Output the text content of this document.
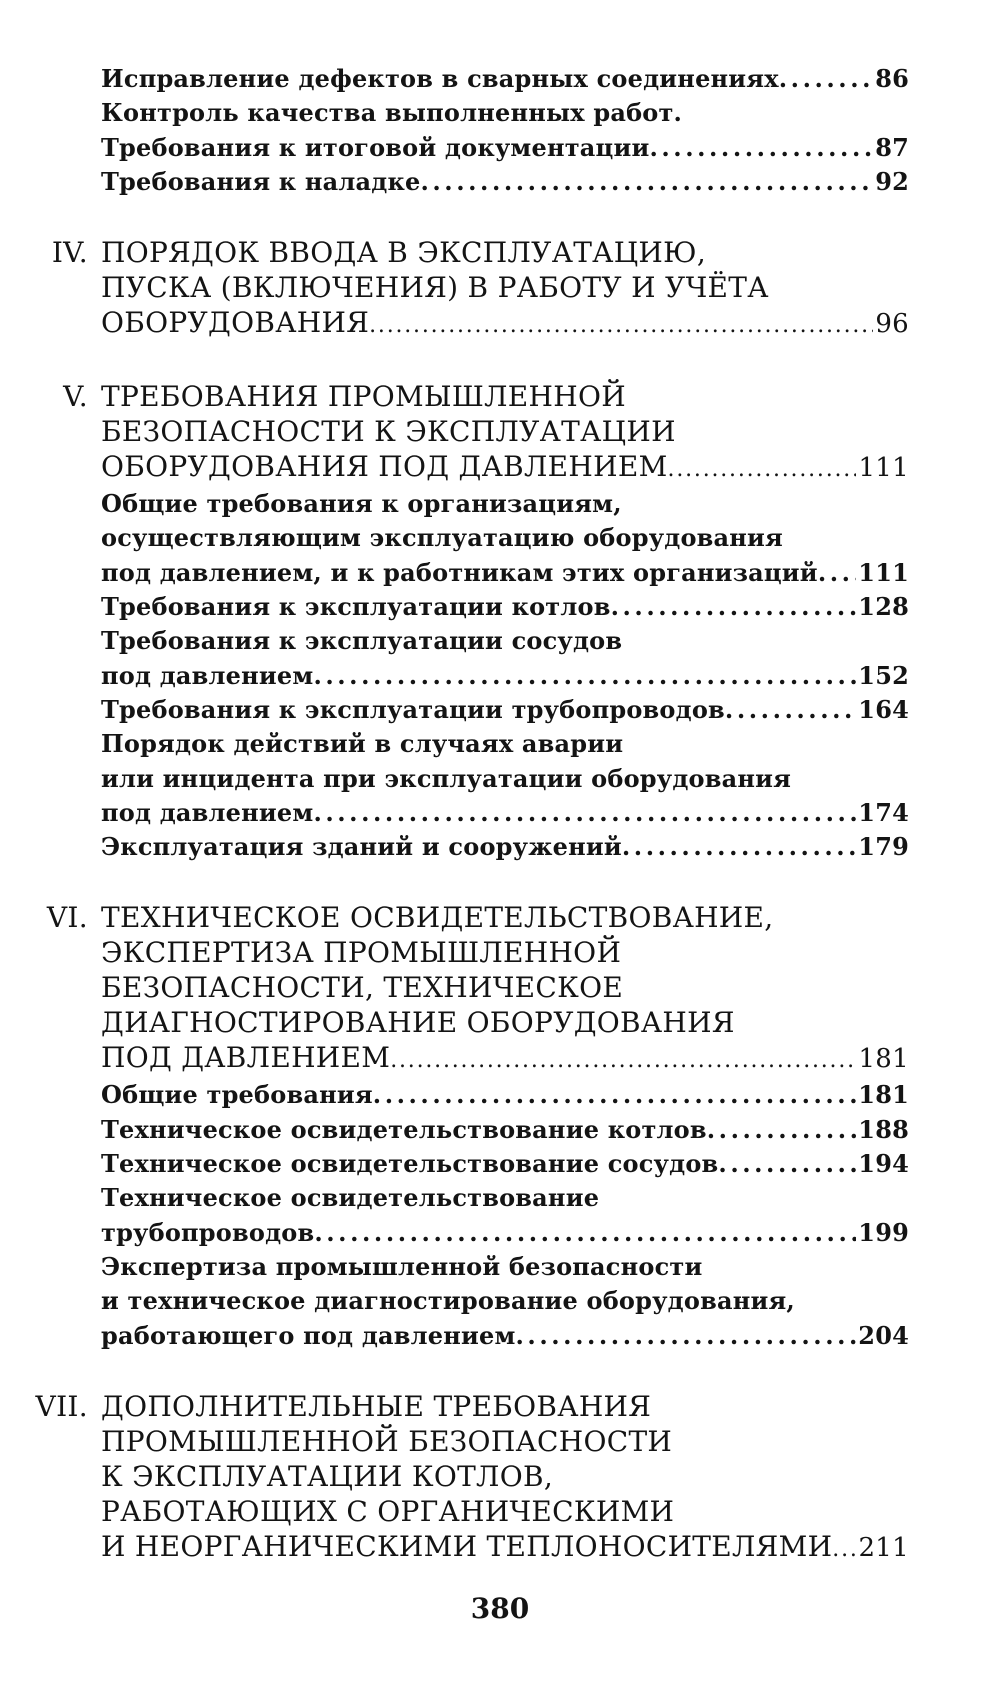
Исправление дефектов в сварных соединениях . . .	86
Контроль качества выполненных работ.
Требования к итоговой документации . . .	87
Требования к наладке . . .	92
IV. ПОРЯДОК ВВОДА В ЭКСПЛУАТАЦИЮ,
ПУСКА (ВКЛЮЧЕНИЯ) В РАБОТУ И УЧЁТА
ОБОРУДОВАНИЯ . . .	96
V. ТРЕБОВАНИЯ ПРОМЫШЛЕННОЙ
БЕЗОПАСНОСТИ К ЭКСПЛУАТАЦИИ
ОБОРУДОВАНИЯ ПОД ДАВЛЕНИЕМ . . .	111
Общие требования к организациям,
осуществляющим эксплуатацию оборудования
под давлением, и к работникам этих организаций . . . 111
Требования к эксплуатации котлов . . .	128
Требования к эксплуатации сосудов
под давлением . . .	152
Требования к эксплуатации трубопроводов . . .	164
Порядок действий в случаях аварии
или инцидента при эксплуатации оборудования
под давлением . . .	174
Эксплуатация зданий и сооружений . . .	179
VI. ТЕХНИЧЕСКОЕ ОСВИДЕТЕЛЬСТВОВАНИЕ,
ЭКСПЕРТИЗА ПРОМЫШЛЕННОЙ
БЕЗОПАСНОСТИ, ТЕХНИЧЕСКОЕ
ДИАГНОСТИРОВАНИЕ ОБОРУДОВАНИЯ
ПОД ДАВЛЕНИЕМ . . .	181
Общие требования . . .	181
Техническое освидетельствование котлов . . .	188
Техническое освидетельствование сосудов . . .	194
Техническое освидетельствование
трубопроводов . . .	199
Экспертиза промышленной безопасности
и техническое диагностирование оборудования,
работающего под давлением . . .	204
VII. ДОПОЛНИТЕЛЬНЫЕ ТРЕБОВАНИЯ
ПРОМЫШЛЕННОЙ БЕЗОПАСНОСТИ
К ЭКСПЛУАТАЦИИ КОТЛОВ,
РАБОТАЮЩИХ С ОРГАНИЧЕСКИМИ
И НЕОРГАНИЧЕСКИМИ ТЕПЛОНОСИТЕЛЯМИ . . . 211
380
